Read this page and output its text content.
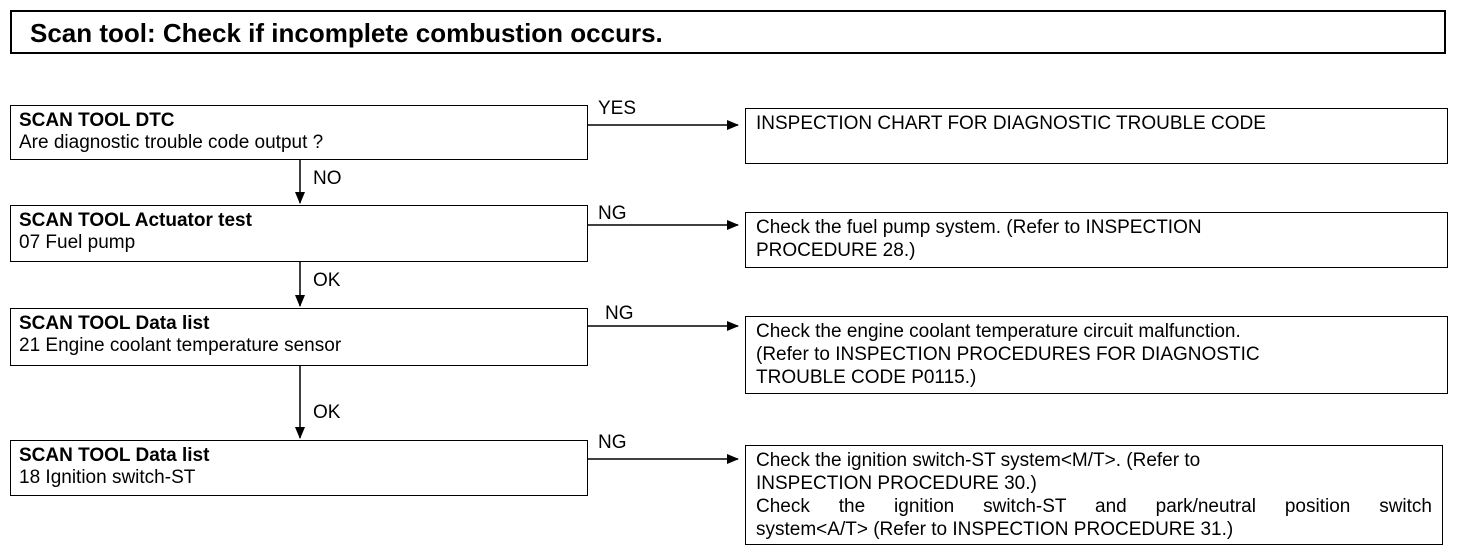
Scan tool: Check if incomplete combustion occurs.
SCAN TOOL DTC
Are diagnostic trouble code output ?
SCAN TOOL Actuator test
07 Fuel pump
SCAN TOOL Data list
21 Engine coolant temperature sensor
SCAN TOOL Data list
18 Ignition switch-ST
YES
NO
NG
OK
NG
OK
NG
INSPECTION CHART FOR DIAGNOSTIC TROUBLE CODE
Check the fuel pump system. (Refer to INSPECTION
PROCEDURE 28.)
Check the engine coolant temperature circuit malfunction.
(Refer to INSPECTION PROCEDURES FOR DIAGNOSTIC
TROUBLE CODE P0115.)
Check the ignition switch-ST system<M/T>. (Refer to
INSPECTION PROCEDURE 30.)
Check the ignition switch-ST and park/neutral position switch
system<A/T> (Refer to INSPECTION PROCEDURE 31.)
